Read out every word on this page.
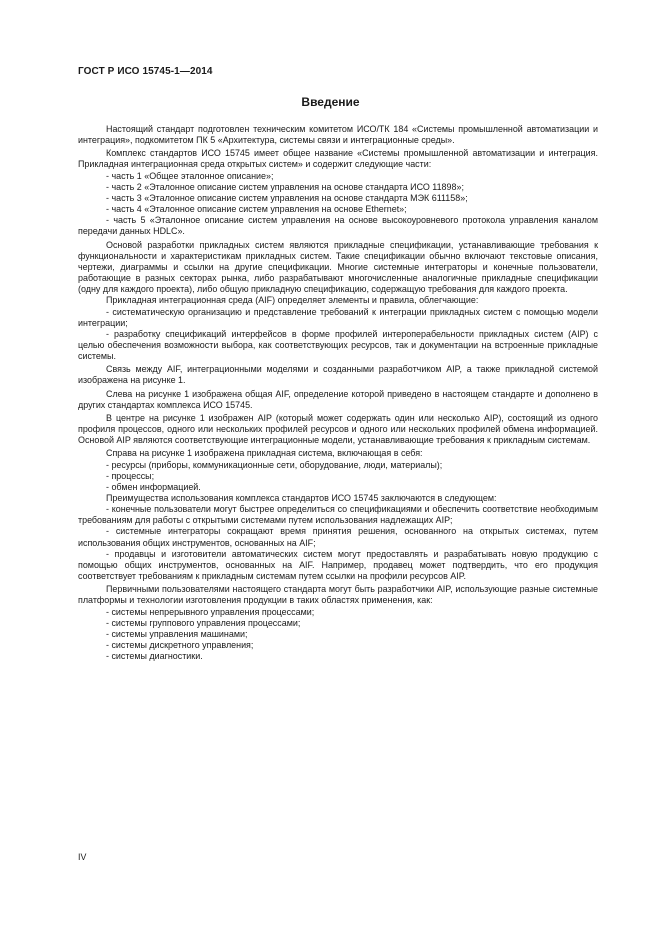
ГОСТ Р ИСО 15745-1—2014
Введение

Настоящий стандарт подготовлен техническим комитетом ИСО/ТК 184 «Системы промышленной автоматизации и интеграция», подкомитетом ПК 5 «Архитектура, системы связи и интеграционные среды».

Комплекс стандартов ИСО 15745 имеет общее название «Системы промышленной автоматизации и интеграция. Прикладная интеграционная среда открытых систем» и содержит следующие части:

- часть 1 «Общее эталонное описание»;

- часть 2 «Эталонное описание систем управления на основе стандарта ИСО 11898»;

- часть 3 «Эталонное описание систем управления на основе стандарта МЭК 611158»;

- часть 4 «Эталонное описание систем управления на основе Ethernet»;

- часть 5 «Эталонное описание систем управления на основе высокоуровневого протокола управления каналом передачи данных HDLC».

Основой разработки прикладных систем являются прикладные спецификации, устанавливающие требования к функциональности и характеристикам прикладных систем. Такие спецификации обычно включают текстовые описания, чертежи, диаграммы и ссылки на другие спецификации. Многие системные интеграторы и конечные пользователи, работающие в разных секторах рынка, либо разрабатывают многочисленные аналогичные прикладные спецификации (одну для каждого проекта), либо общую прикладную спецификацию, содержащую требования для каждого проекта.

Прикладная интеграционная среда (AIF) определяет элементы и правила, облегчающие:

- систематическую организацию и представление требований к интеграции прикладных систем с помощью модели интеграции;

- разработку спецификаций интерфейсов в форме профилей интероперабельности прикладных систем (AIP) с целью обеспечения возможности выбора, как соответствующих ресурсов, так и документации на встроенные прикладные системы.

Связь между AIF, интеграционными моделями и созданными разработчиком AIP, а также прикладной системой изображена на рисунке 1.

Слева на рисунке 1 изображена общая AIF, определение которой приведено в настоящем стандарте и дополнено в других стандартах комплекса ИСО 15745.

В центре на рисунке 1 изображен AIP (который может содержать один или несколько AIP), состоящий из одного профиля процессов, одного или нескольких профилей ресурсов и одного или нескольких профилей обмена информацией. Основой AIP являются соответствующие интеграционные модели, устанавливающие требования к прикладным системам.

Справа на рисунке 1 изображена прикладная система, включающая в себя:

- ресурсы (приборы, коммуникационные сети, оборудование, люди, материалы);

- процессы;

- обмен информацией.

Преимущества использования комплекса стандартов ИСО 15745 заключаются в следующем:

- конечные пользователи могут быстрее определиться со спецификациями и обеспечить соответствие необходимым требованиям для работы с открытыми системами путем использования надлежащих AIP;

- системные интеграторы сокращают время принятия решения, основанного на открытых системах, путем использования общих инструментов, основанных на AIF;

- продавцы и изготовители автоматических систем могут предоставлять и разрабатывать новую продукцию с помощью общих инструментов, основанных на AIF. Например, продавец может подтвердить, что его продукция соответствует требованиям к прикладным системам путем ссылки на профили ресурсов AIP.

Первичными пользователями настоящего стандарта могут быть разработчики AIP, использующие разные системные платформы и технологии изготовления продукции в таких областях применения, как:

- системы непрерывного управления процессами;

- системы группового управления процессами;

- системы управления машинами;

- системы дискретного управления;

- системы диагностики.

IV
